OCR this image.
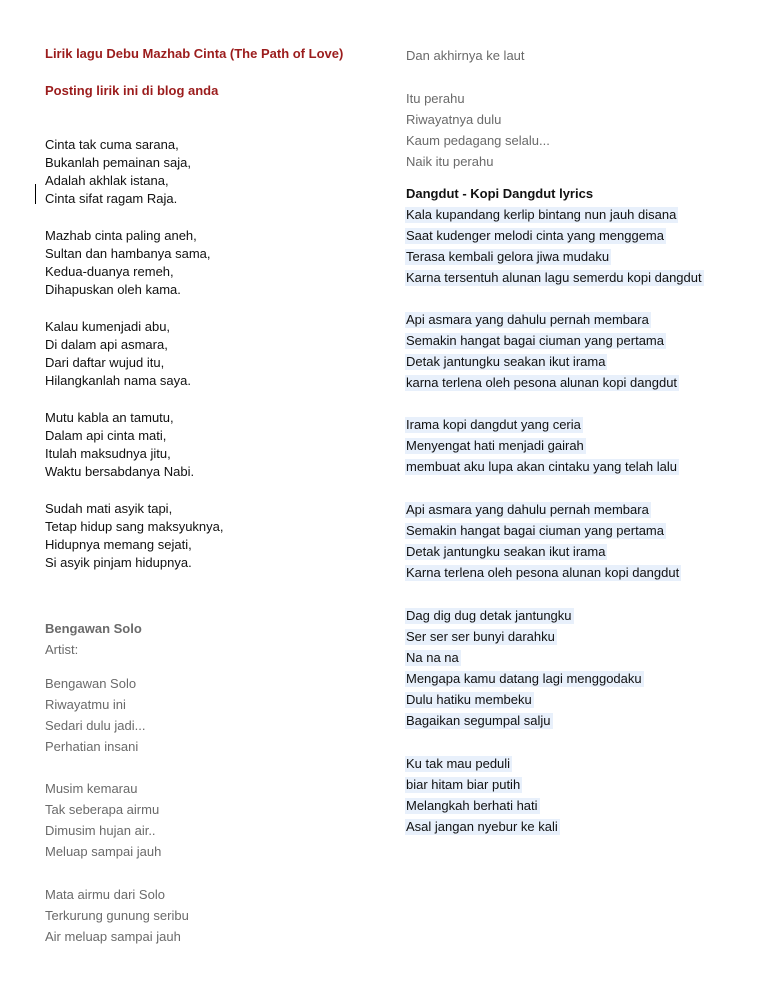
Lirik lagu Debu Mazhab Cinta (The Path of Love)
Posting lirik ini di blog anda
Cinta tak cuma sarana,
Bukanlah pemainan saja,
Adalah akhlak istana,
Cinta sifat ragam Raja.
Mazhab cinta paling aneh,
Sultan dan hambanya sama,
Kedua-duanya remeh,
Dihapuskan oleh kama.
Kalau kumenjadi abu,
Di dalam api asmara,
Dari daftar wujud itu,
Hilangkanlah nama saya.
Mutu kabla an tamutu,
Dalam api cinta mati,
Itulah maksudnya jitu,
Waktu bersabdanya Nabi.
Sudah mati asyik tapi,
Tetap hidup sang maksyuknya,
Hidupnya memang sejati,
Si asyik pinjam hidupnya.
Bengawan Solo
Artist:
Bengawan Solo
Riwayatmu ini
Sedari dulu jadi...
Perhatian insani
Musim kemarau
Tak seberapa airmu
Dimusim hujan air..
Meluap sampai jauh
Mata airmu dari Solo
Terkurung gunung seribu
Air meluap sampai jauh
Dan akhirnya ke laut
Itu perahu
Riwayatnya dulu
Kaum pedagang selalu...
Naik itu perahu
Dangdut - Kopi Dangdut lyrics
Kala kupandang kerlip bintang nun jauh disana
Saat kudenger melodi cinta yang menggema
Terasa kembali gelora jiwa mudaku
Karna tersentuh alunan lagu semerdu kopi dangdut
Api asmara yang dahulu pernah membara
Semakin hangat bagai ciuman yang pertama
Detak jantungku seakan ikut irama
karna terlena oleh pesona alunan kopi dangdut
Irama kopi dangdut yang ceria
Menyengat hati menjadi gairah
membuat aku lupa akan cintaku yang telah lalu
Api asmara yang dahulu pernah membara
Semakin hangat bagai ciuman yang pertama
Detak jantungku seakan ikut irama
Karna terlena oleh pesona alunan kopi dangdut
Dag dig dug detak jantungku
Ser ser ser bunyi darahku
Na na na
Mengapa kamu datang lagi menggodaku
Dulu hatiku membeku
Bagaikan segumpal salju
Ku tak mau peduli
biar hitam biar putih
Melangkah berhati hati
Asal jangan nyebur ke kali
